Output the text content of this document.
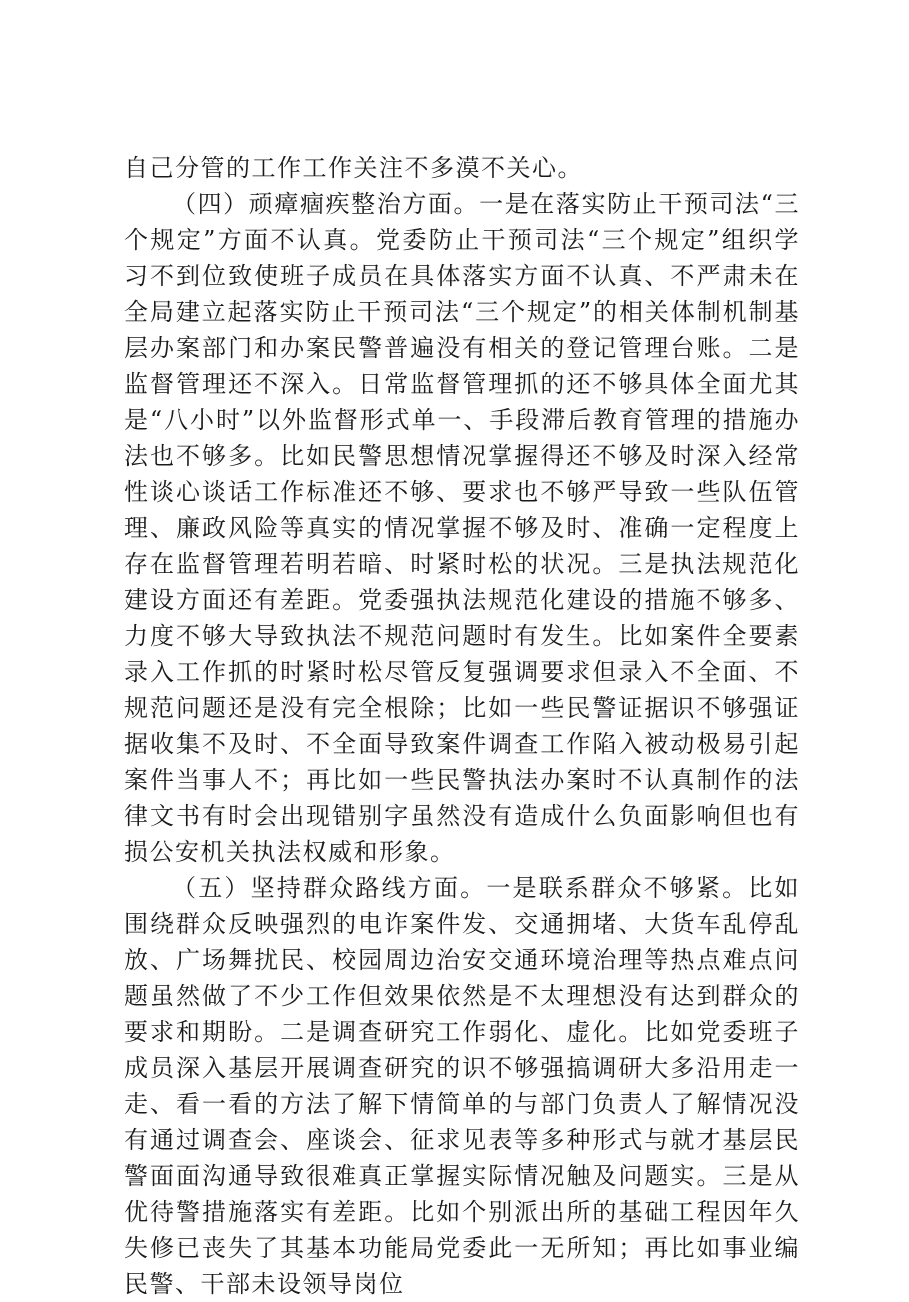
自己分管的工作工作关注不多漠不关心。

（四）顽瘴痼疾整治方面。一是在落实防止干预司法“三个规定”方面不认真。党委防止干预司法“三个规定”组织学习不到位致使班子成员在具体落实方面不认真、不严肃未在全局建立起落实防止干预司法“三个规定”的相关体制机制基层办案部门和办案民警普遍没有相关的登记管理台账。二是监督管理还不深入。日常监督管理抓的还不够具体全面尤其是“八小时”以外监督形式单一、手段滞后教育管理的措施办法也不够多。比如民警思想情况掌握得还不够及时深入经常性谈心谈话工作标准还不够、要求也不够严导致一些队伍管理、廉政风险等真实的情况掌握不够及时、准确一定程度上存在监督管理若明若暗、时紧时松的状况。三是执法规范化建设方面还有差距。党委强执法规范化建设的措施不够多、力度不够大导致执法不规范问题时有发生。比如案件全要素录入工作抓的时紧时松尽管反复强调要求但录入不全面、不规范问题还是没有完全根除；比如一些民警证据识不够强证据收集不及时、不全面导致案件调查工作陷入被动极易引起案件当事人不；再比如一些民警执法办案时不认真制作的法律文书有时会出现错别字虽然没有造成什么负面影响但也有损公安机关执法权威和形象。

（五）坚持群众路线方面。一是联系群众不够紧。比如围绕群众反映强烈的电诈案件发、交通拥堵、大货车乱停乱放、广场舞扰民、校园周边治安交通环境治理等热点难点问题虽然做了不少工作但效果依然是不太理想没有达到群众的要求和期盼。二是调查研究工作弱化、虚化。比如党委班子成员深入基层开展调查研究的识不够强搞调研大多沿用走一走、看一看的方法了解下情简单的与部门负责人了解情况没有通过调查会、座谈会、征求见表等多种形式与就才基层民警面面沟通导致很难真正掌握实际情况触及问题实。三是从优待警措施落实有差距。比如个别派出所的基础工程因年久失修已丧失了其基本功能局党委此一无所知；再比如事业编民警、干部未设领导岗位
